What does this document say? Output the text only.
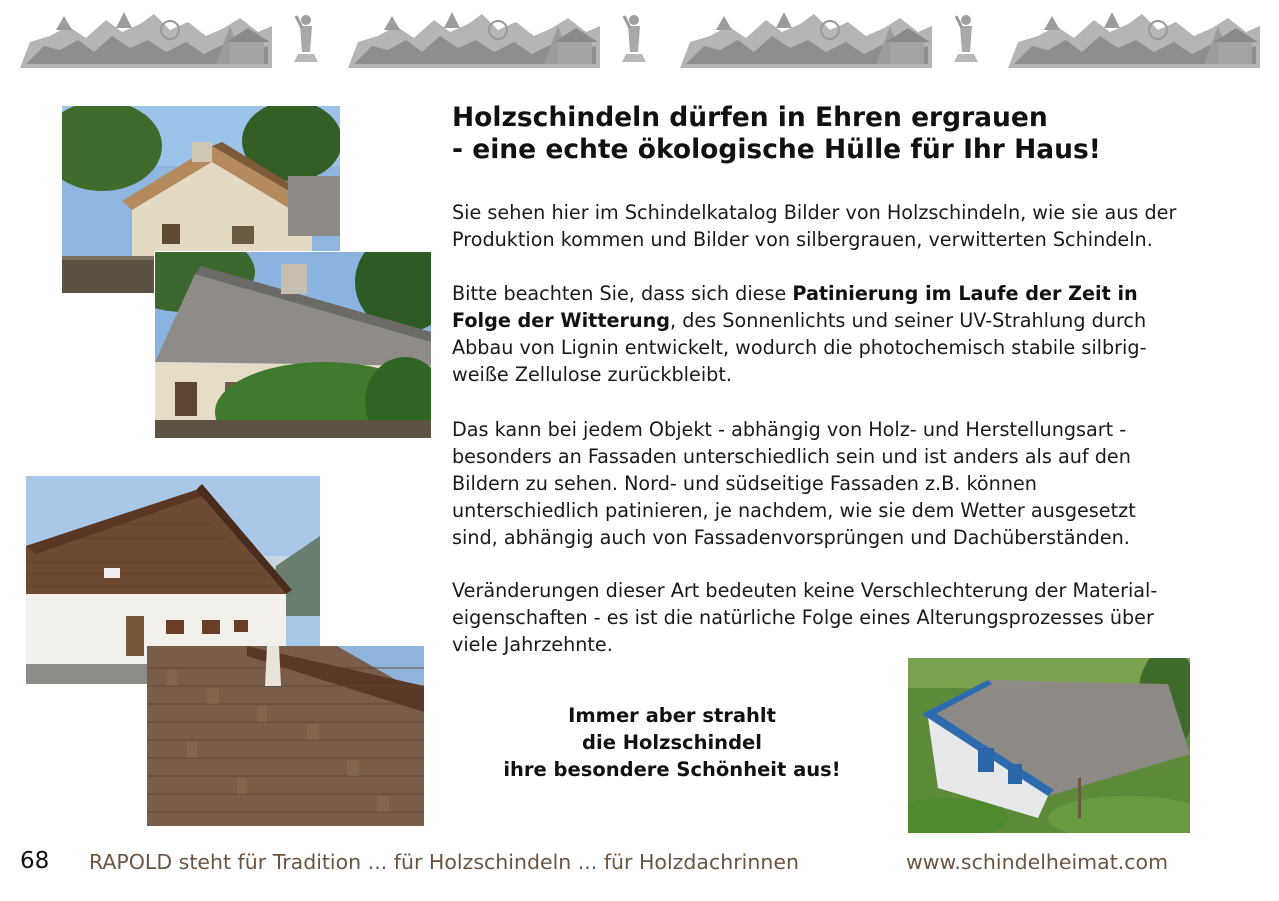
Holzschindeln dürfen in Ehren ergrauen
- eine echte ökologische Hülle für Ihr Haus!
Sie sehen hier im Schindelkatalog Bilder von Holzschindeln, wie sie aus der
Produktion kommen und Bilder von silbergrauen, verwitterten Schindeln.
Bitte beachten Sie, dass sich diese Patinierung im Laufe der Zeit in
Folge der Witterung, des Sonnenlichts und seiner UV-Strahlung durch
Abbau von Lignin entwickelt, wodurch die photochemisch stabile silbrig-
weiße Zellulose zurückbleibt.
Das kann bei jedem Objekt - abhängig von Holz- und Herstellungsart -
besonders an Fassaden unterschiedlich sein und ist anders als auf den
Bildern zu sehen. Nord- und südseitige Fassaden z.B. können
unterschiedlich patinieren, je nachdem, wie sie dem Wetter ausgesetzt
sind, abhängig auch von Fassadenvorsprüngen und Dachüberständen.
Veränderungen dieser Art bedeuten keine Verschlechterung der Material-
eigenschaften - es ist die natürliche Folge eines Alterungsprozesses über
viele Jahrzehnte.
Immer aber strahlt
die Holzschindel
ihre besondere Schönheit aus!
68 RAPOLD steht für Tradition ... für Holzschindeln ... für Holzdachrinnen	www.schindelheimat.com
